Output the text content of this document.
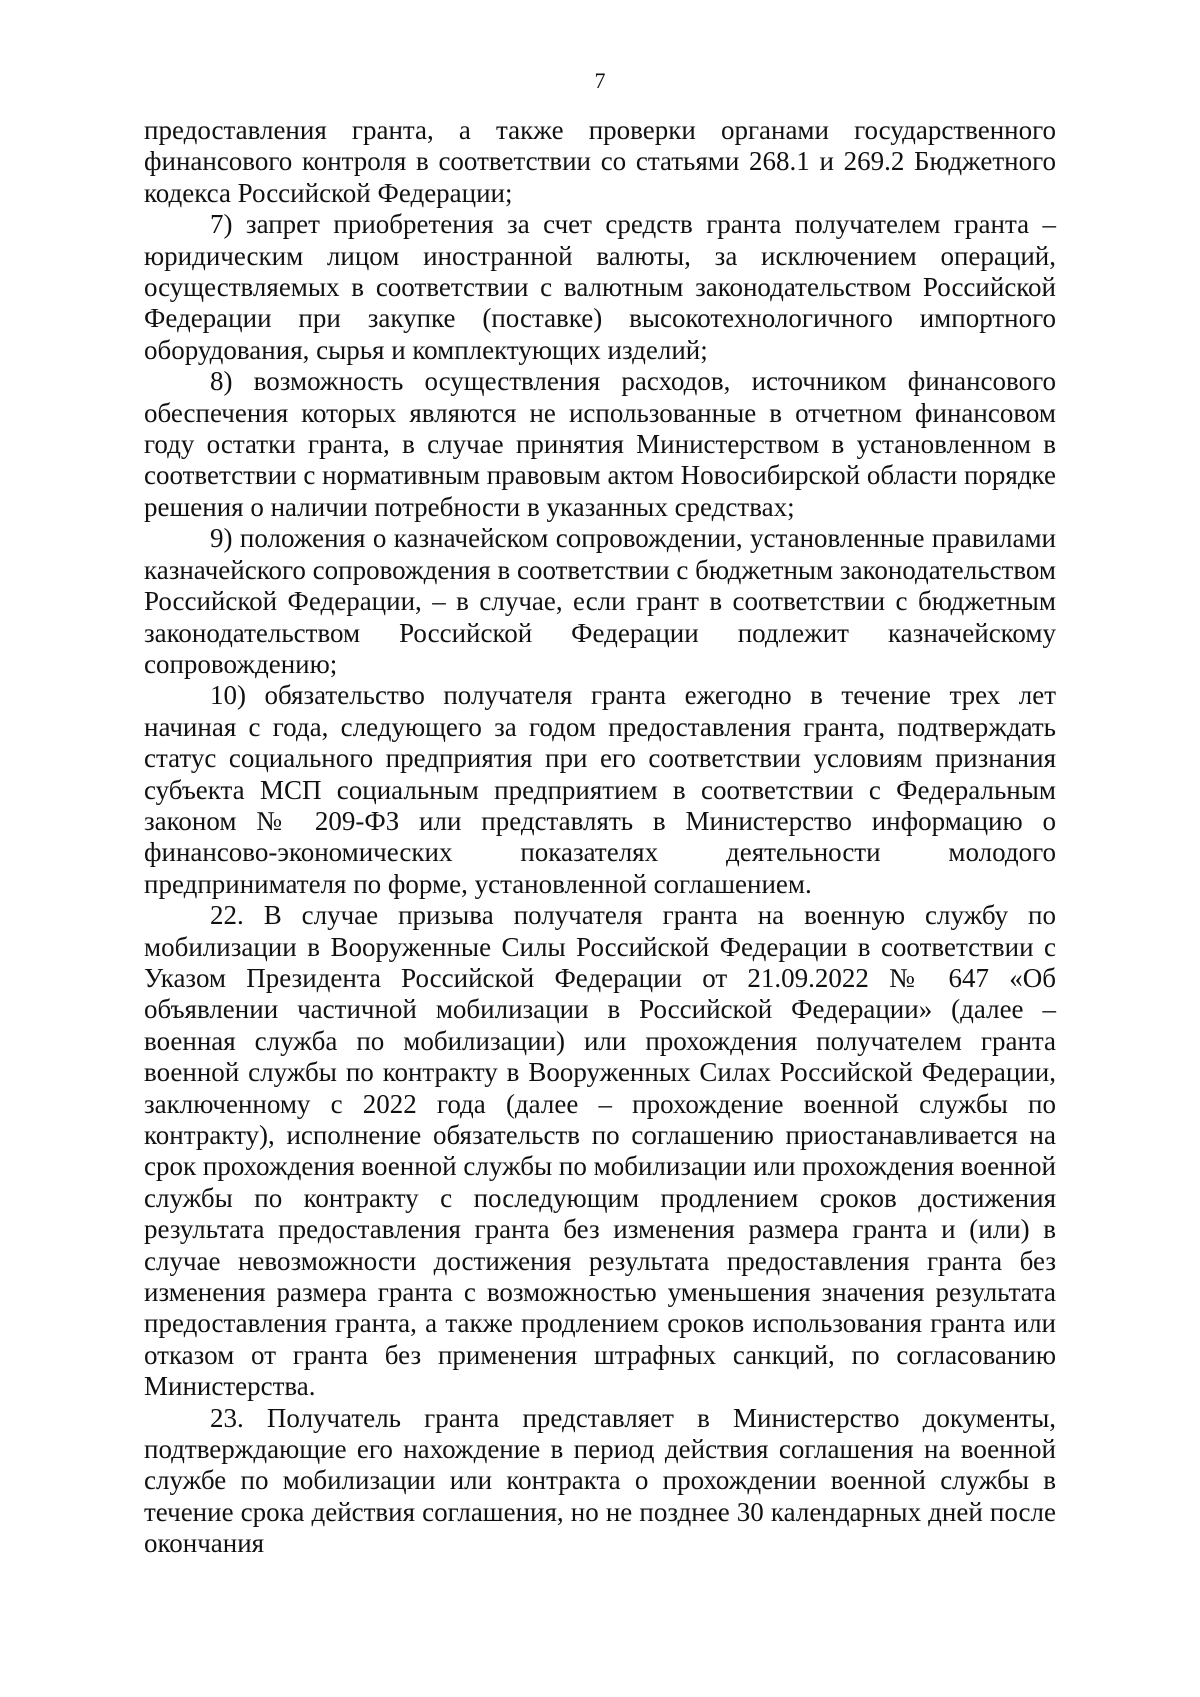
7

предоставления гранта, а также проверки органами государственного финансового контроля в соответствии со статьями 268.1 и 269.2 Бюджетного кодекса Российской Федерации;

7) запрет приобретения за счет средств гранта получателем гранта – юридическим лицом иностранной валюты, за исключением операций, осуществляемых в соответствии с валютным законодательством Российской Федерации при закупке (поставке) высокотехнологичного импортного оборудования, сырья и комплектующих изделий;

8) возможность осуществления расходов, источником финансового обеспечения которых являются не использованные в отчетном финансовом году остатки гранта, в случае принятия Министерством в установленном в соответствии с нормативным правовым актом Новосибирской области порядке решения о наличии потребности в указанных средствах;

9) положения о казначейском сопровождении, установленные правилами казначейского сопровождения в соответствии с бюджетным законодательством Российской Федерации, – в случае, если грант в соответствии с бюджетным законодательством Российской Федерации подлежит казначейскому сопровождению;

10) обязательство получателя гранта ежегодно в течение трех лет начиная с года, следующего за годом предоставления гранта, подтверждать статус социального предприятия при его соответствии условиям признания субъекта МСП социальным предприятием в соответствии с Федеральным законом № 209-ФЗ или представлять в Министерство информацию о финансово-экономических показателях деятельности молодого предпринимателя по форме, установленной соглашением.

22. В случае призыва получателя гранта на военную службу по мобилизации в Вооруженные Силы Российской Федерации в соответствии с Указом Президента Российской Федерации от 21.09.2022 № 647 «Об объявлении частичной мобилизации в Российской Федерации» (далее – военная служба по мобилизации) или прохождения получателем гранта военной службы по контракту в Вооруженных Силах Российской Федерации, заключенному с 2022 года (далее – прохождение военной службы по контракту), исполнение обязательств по соглашению приостанавливается на срок прохождения военной службы по мобилизации или прохождения военной службы по контракту с последующим продлением сроков достижения результата предоставления гранта без изменения размера гранта и (или) в случае невозможности достижения результата предоставления гранта без изменения размера гранта с возможностью уменьшения значения результата предоставления гранта, а также продлением сроков использования гранта или отказом от гранта без применения штрафных санкций, по согласованию Министерства.

23. Получатель гранта представляет в Министерство документы, подтверждающие его нахождение в период действия соглашения на военной службе по мобилизации или контракта о прохождении военной службы в течение срока действия соглашения, но не позднее 30 календарных дней после окончания
